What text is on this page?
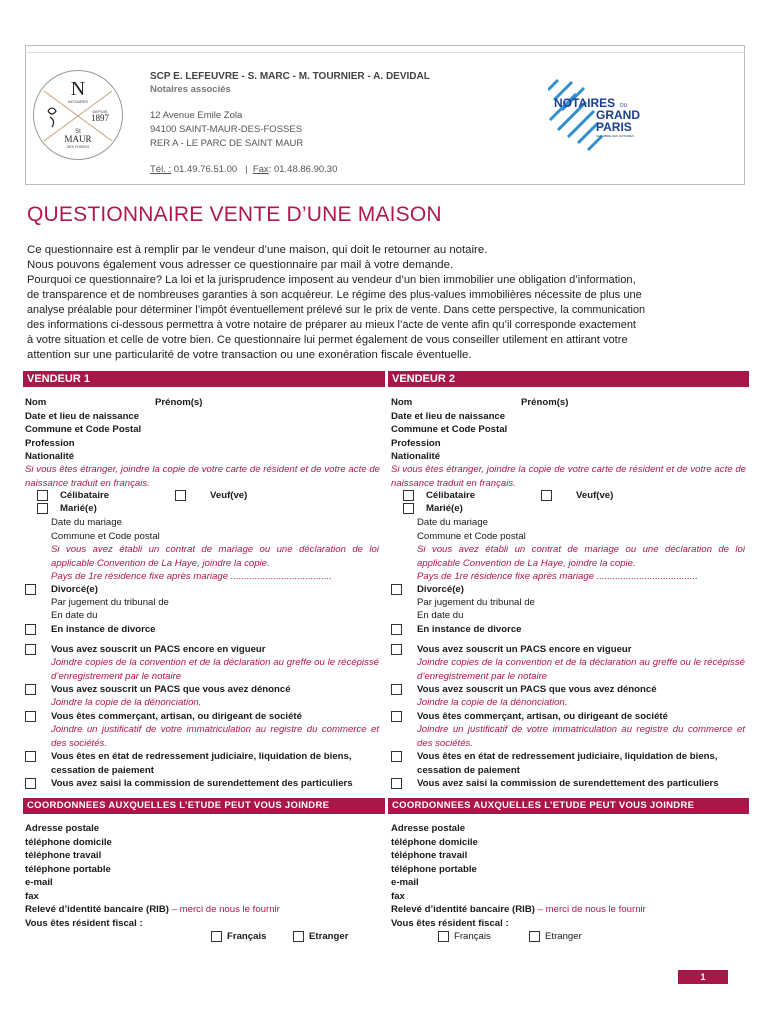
N
NOTAIRES
DEPUIS
1897
St
MAUR
DES FOSSES
SCP E. LEFEUVRE - S. MARC - M. TOURNIER - A. DEVIDAL
Notaires associés
12 Avenue Emile Zola
94100 SAINT-MAUR-DES-FOSSES
RER A - LE PARC DE SAINT MAUR
Tél. : 01.49.76.51.00   |  Fax: 01.48.86.90.30
NOTAIRES DU
GRAND
PARIS
CHAMBRE DES NOTAIRES
QUESTIONNAIRE VENTE D’UNE MAISON
Ce questionnaire est à remplir par le vendeur d’une maison, qui doit le retourner au notaire.
Nous pouvons également vous adresser ce questionnaire par mail à votre demande.
Pourquoi ce questionnaire? La loi et la jurisprudence imposent au vendeur d’un bien immobilier une obligation d’information,
de transparence et de nombreuses garanties à son acquéreur. Le régime des plus-values immobilières nécessite de plus une
analyse préalable pour déterminer l’impôt éventuellement prélevé sur le prix de vente. Dans cette perspective, la communication
des informations ci-dessous permettra à votre notaire de préparer au mieux l’acte de vente afin qu’il corresponde exactement
à votre situation et celle de votre bien. Ce questionnaire lui permet également de vous conseiller utilement en attirant votre
attention sur une particularité de votre transaction ou une exonération fiscale éventuelle.
VENDEUR 1	VENDEUR 2
Nom	Prénom(s)
Date et lieu de naissance
Commune et Code Postal
Profession
Nationalité
Si vous êtes étranger, joindre la copie de votre carte de résident et de votre acte de naissance traduit en français.
Célibataire	Veuf(ve)
Marié(e)
Date du mariage
Commune et Code postal
Si vous avez établi un contrat de mariage ou une déclaration de loi applicable Convention de La Haye, joindre la copie.
Pays de 1re résidence fixe après mariage ......................................
Divorcé(e)
Par jugement du tribunal de
En date du
En instance de divorce
Vous avez souscrit un PACS encore en vigueur
Joindre copies de la convention et de la déclaration au greffe ou le récépissé d’enregistrement par le notaire
Vous avez souscrit un PACS que vous avez dénoncé
Joindre la copie de la dénonciation.
Vous êtes commerçant, artisan, ou dirigeant de société
Joindre un justificatif de votre immatriculation au registre du commerce et des sociétés.
Vous êtes en état de redressement judiciaire, liquidation de biens, cessation de paiement
Vous avez saisi la commission de surendettement des particuliers
Nom	Prénom(s)
Date et lieu de naissance
Commune et Code Postal
Profession
Nationalité
Si vous êtes étranger, joindre la copie de votre carte de résident et de votre acte de naissance traduit en français.
Célibataire	Veuf(ve)
Marié(e)
Date du mariage
Commune et Code postal
Si vous avez établi un contrat de mariage ou une déclaration de loi applicable Convention de La Haye, joindre la copie.
Pays de 1re résidence fixe après mariage ......................................
Divorcé(e)
Par jugement du tribunal de
En date du
En instance de divorce
Vous avez souscrit un PACS encore en vigueur
Joindre copies de la convention et de la déclaration au greffe ou le récépissé d’enregistrement par le notaire
Vous avez souscrit un PACS que vous avez dénoncé
Joindre la copie de la dénonciation.
Vous êtes commerçant, artisan, ou dirigeant de société
Joindre un justificatif de votre immatriculation au registre du commerce et des sociétés.
Vous êtes en état de redressement judiciaire, liquidation de biens, cessation de paiement
Vous avez saisi la commission de surendettement des particuliers
COORDONNEES AUXQUELLES L’ETUDE PEUT VOUS JOINDRE	COORDONNEES AUXQUELLES L’ETUDE PEUT VOUS JOINDRE
Adresse postale
téléphone domicile
téléphone travail
téléphone portable
e-mail
fax
Relevé d’identité bancaire (RIB) – merci de nous le fournir
Vous êtes résident fiscal :
Français	Etranger
Adresse postale
téléphone domicile
téléphone travail
téléphone portable
e-mail
fax
Relevé d’identité bancaire (RIB) – merci de nous le fournir
Vous êtes résident fiscal :
Français	Etranger
1
